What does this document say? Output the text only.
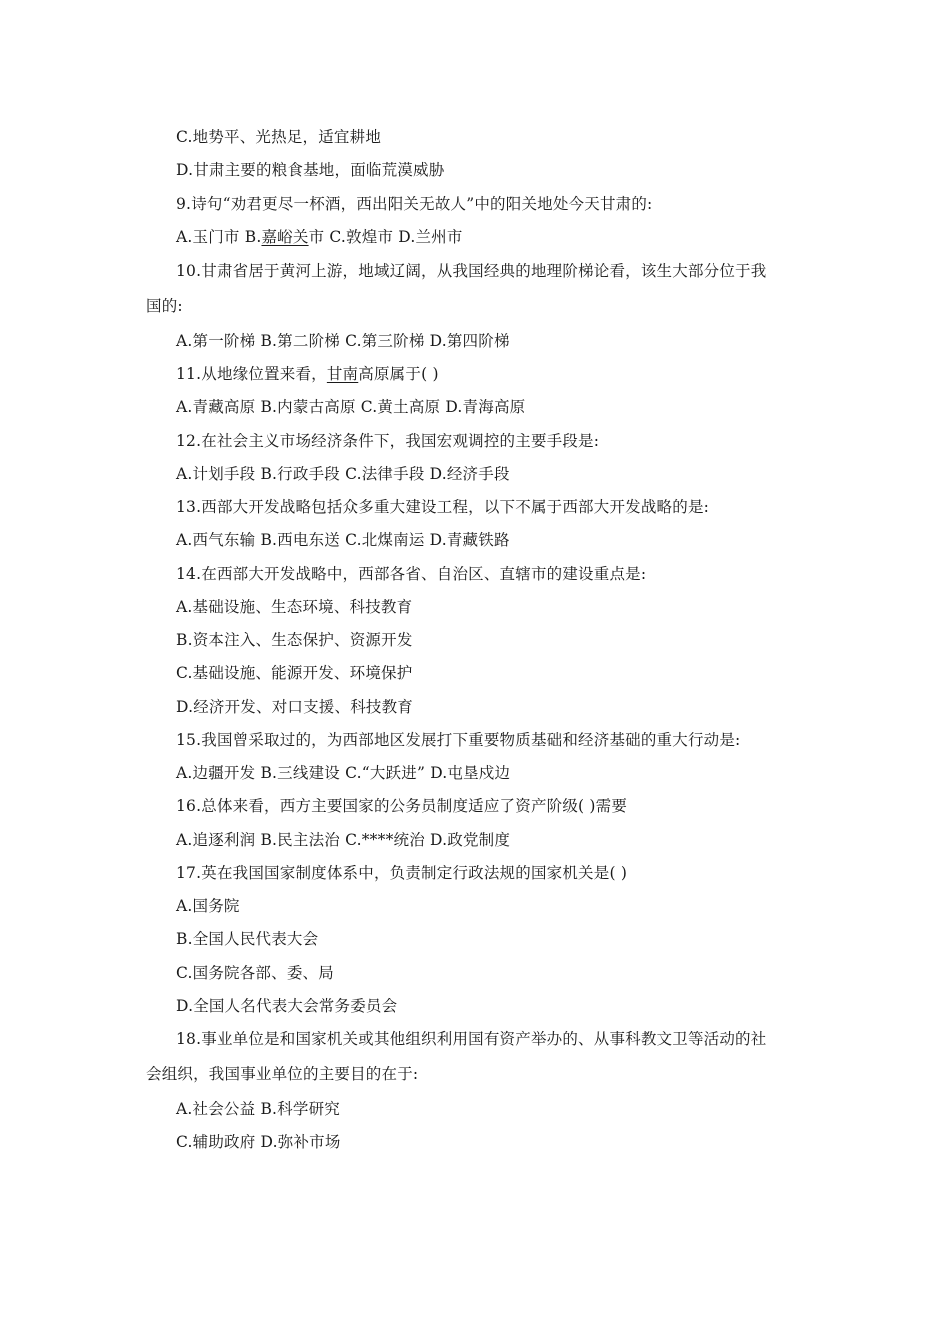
C.地势平、光热足，适宜耕地
D.甘肃主要的粮食基地，面临荒漠威胁
9.诗句“劝君更尽一杯酒，西出阳关无故人”中的阳关地处今天甘肃的:
A.玉门市 B.嘉峪关市 C.敦煌市 D.兰州市
10.甘肃省居于黄河上游，地域辽阔，从我国经典的地理阶梯论看，该生大部分位于我
国的:
A.第一阶梯 B.第二阶梯 C.第三阶梯 D.第四阶梯
11.从地缘位置来看，甘南高原属于( )
A.青藏高原 B.内蒙古高原 C.黄土高原 D.青海高原
12.在社会主义市场经济条件下，我国宏观调控的主要手段是:
A.计划手段 B.行政手段 C.法律手段 D.经济手段
13.西部大开发战略包括众多重大建设工程，以下不属于西部大开发战略的是:
A.西气东输 B.西电东送 C.北煤南运 D.青藏铁路
14.在西部大开发战略中，西部各省、自治区、直辖市的建设重点是:
A.基础设施、生态环境、科技教育
B.资本注入、生态保护、资源开发
C.基础设施、能源开发、环境保护
D.经济开发、对口支援、科技教育
15.我国曾采取过的，为西部地区发展打下重要物质基础和经济基础的重大行动是:
A.边疆开发 B.三线建设 C.“大跃进” D.屯垦戍边
16.总体来看，西方主要国家的公务员制度适应了资产阶级( )需要
A.追逐利润 B.民主法治 C.****统治 D.政党制度
17.英在我国国家制度体系中，负责制定行政法规的国家机关是( )
A.国务院
B.全国人民代表大会
C.国务院各部、委、局
D.全国人名代表大会常务委员会
18.事业单位是和国家机关或其他组织利用国有资产举办的、从事科教文卫等活动的社
会组织，我国事业单位的主要目的在于:
A.社会公益 B.科学研究
C.辅助政府 D.弥补市场
